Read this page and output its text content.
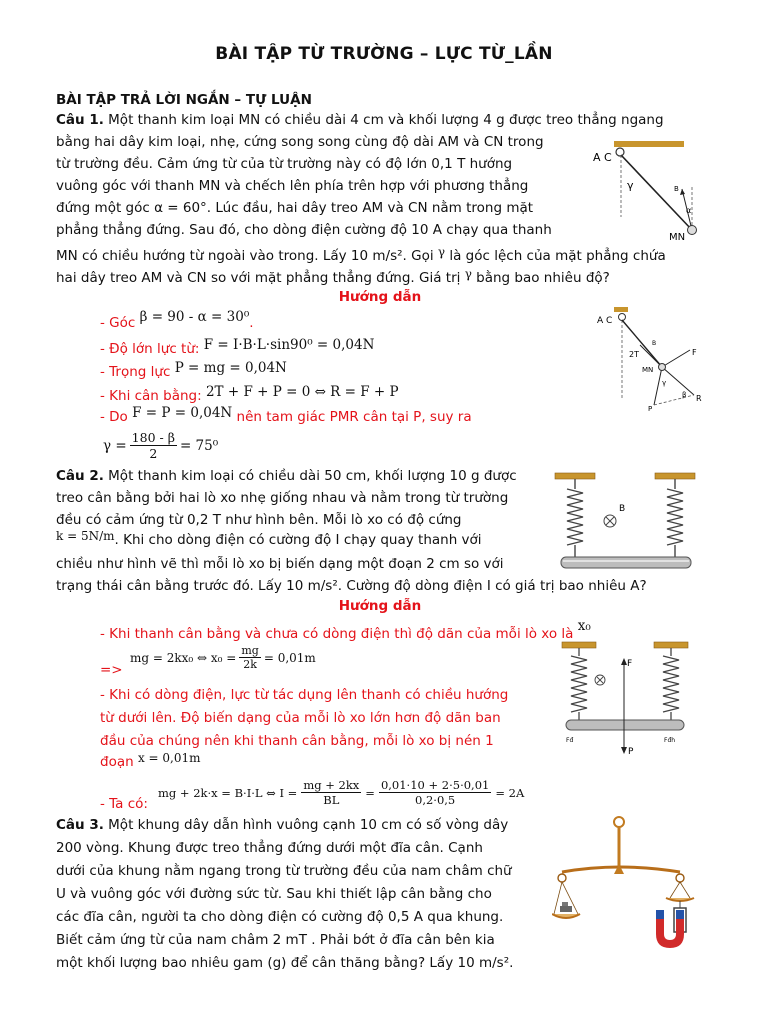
BÀI TẬP TỪ TRƯỜNG – LỰC TỪ_LẦN
BÀI TẬP TRẢ LỜI NGẮN – TỰ LUẬN
Câu 1. Một thanh kim loại MN có chiều dài 4 cm và khối lượng 4 g được treo thẳng ngang
bằng hai dây kim loại, nhẹ, cứng song song cùng độ dài AM và CN trong
từ trường đều. Cảm ứng từ của từ trường này có độ lớn 0,1 T hướng
vuông góc với thanh MN và chếch lên phía trên hợp với phương thẳng
đứng một góc α = 60°. Lúc đầu, hai dây treo AM và CN nằm trong mặt
phẳng thẳng đứng. Sau đó, cho dòng điện cường độ 10 A chạy qua thanh
MN có chiều hướng từ ngoài vào trong. Lấy 10 m/s². Gọi γ là góc lệch của mặt phẳng chứa
hai dây treo AM và CN so với mặt phẳng thẳng đứng. Giá trị γ bằng bao nhiêu độ?
Hướng dẫn
- Góc β = 90 - α = 30⁰.
- Độ lớn lực từ: F = I·B·L·sin90⁰ = 0,04N
- Trọng lực P = mg = 0,04N
- Khi cân bằng: 2T + F + P = 0 ⇔ R = F + P
- Do F = P = 0,04N nên tam giác PMR cân tại P, suy ra
$\gamma = \frac{180 - \beta}{2} = 75^0$
A C
γ	B
α
MN
A C
B
2T	F
MN
γ
β
P
R
Câu 2. Một thanh kim loại có chiều dài 50 cm, khối lượng 10 g được
treo cân bằng bởi hai lò xo nhẹ giống nhau và nằm trong từ trường
đều có cảm ứng từ 0,2 T như hình bên. Mỗi lò xo có độ cứng
k = 5N/m. Khi cho dòng điện có cường độ I chạy quay thanh với
chiều như hình vẽ thì mỗi lò xo bị biến dạng một đoạn 2 cm so với
trạng thái cân bằng trước đó. Lấy 10 m/s². Cường độ dòng điện I có giá trị bao nhiêu A?
B
Hướng dẫn
- Khi thanh cân bằng và chưa có dòng điện thì độ dãn của mỗi lò xo là x₀
=>
mg = 2kx₀ ⇔ $x_0 = \frac{mg}{2k} = 0,01m$
- Khi có dòng điện, lực từ tác dụng lên thanh có chiều hướng
từ dưới lên. Độ biến dạng của mỗi lò xo lớn hơn độ dãn ban
đầu của chúng nên khi thanh cân bằng, mỗi lò xo bị nén 1
đoạn x = 0,01m
- Ta có:
mg + 2k·x = B·I·L ⇔ $I = \frac{mg + 2kx}{BL} = \frac{0,01\cdot 10 + 2\cdot 5\cdot 0,01}{0,2\cdot 0,5} = 2A$
F
P
Fđ	Fđh
Câu 3. Một khung dây dẫn hình vuông cạnh 10 cm có số vòng dây
200 vòng. Khung được treo thẳng đứng dưới một đĩa cân. Cạnh
dưới của khung nằm ngang trong từ trường đều của nam châm chữ
U và vuông góc với đường sức từ. Sau khi thiết lập cân bằng cho
các đĩa cân, người ta cho dòng điện có cường độ 0,5 A qua khung.
Biết cảm ứng từ của nam châm 2 mT . Phải bớt ở đĩa cân bên kia
một khối lượng bao nhiêu gam (g) để cân thăng bằng? Lấy 10 m/s².
